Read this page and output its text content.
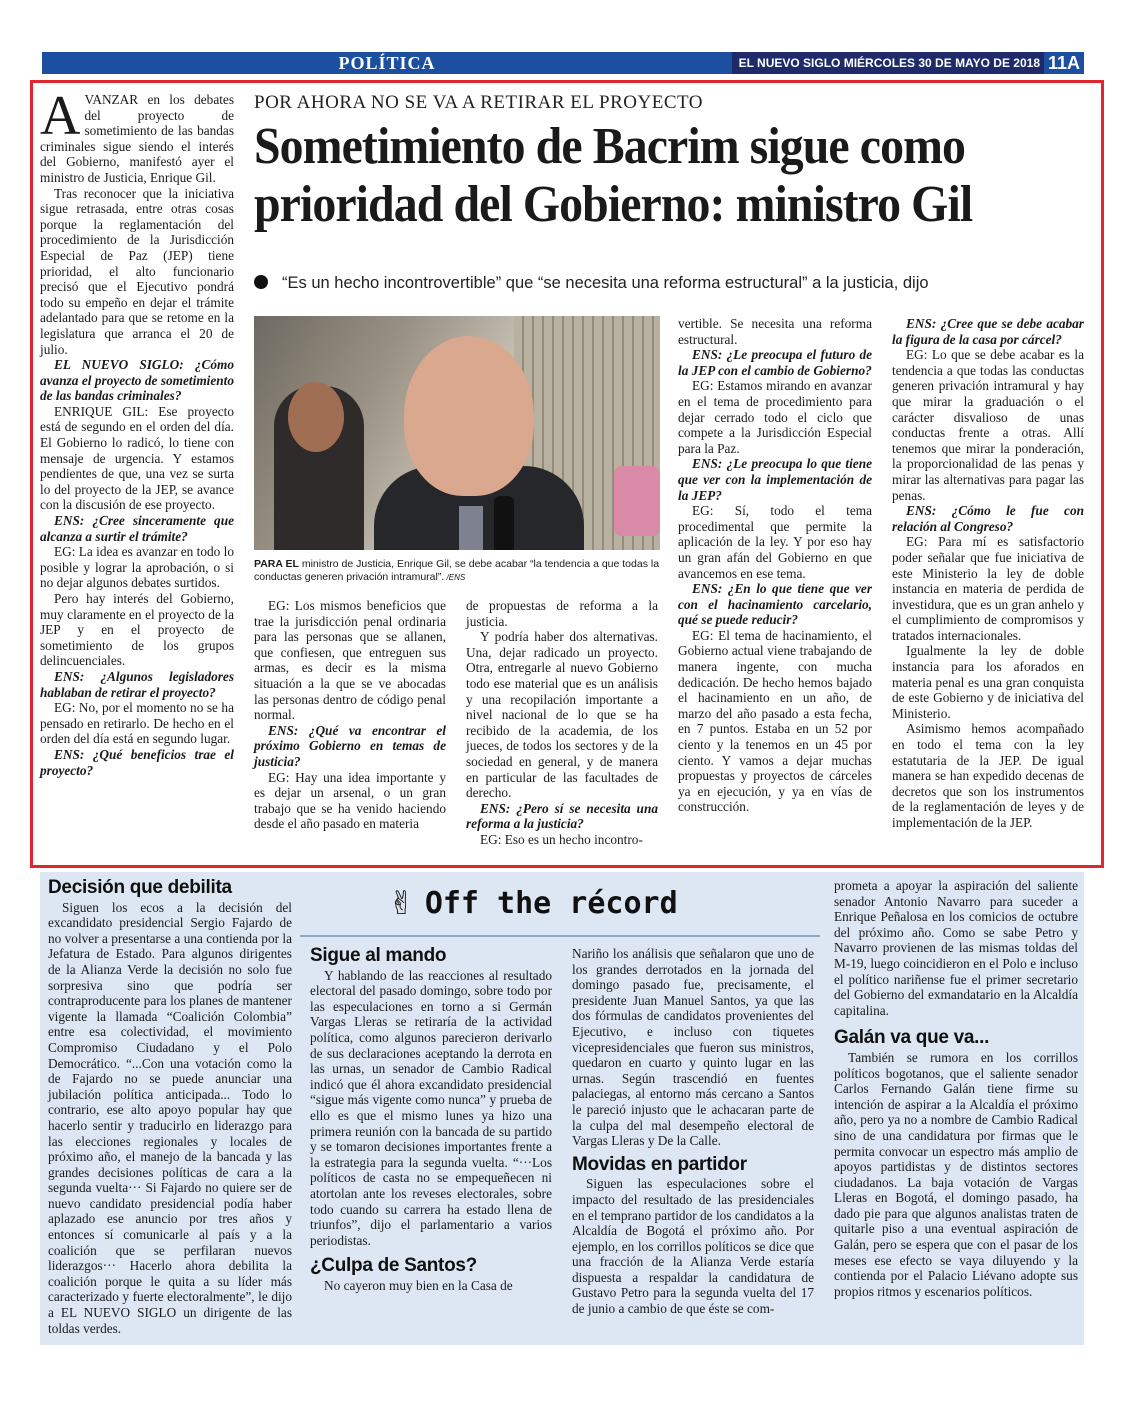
POLÍTICA	EL NUEVO SIGLO MIÉRCOLES 30 DE MAYO DE 2018 11A
POR AHORA NO SE VA A RETIRAR EL PROYECTO
Sometimiento de Bacrim sigue como
prioridad del Gobierno: ministro Gil
“Es un hecho incontrovertible” que “se necesita una reforma estructural” a la justicia, dijo

AVANZAR en los debates del proyecto de sometimiento de las bandas criminales sigue siendo el interés del Gobierno, manifestó ayer el ministro de Justicia, Enrique Gil.

Tras reconocer que la iniciativa sigue retrasada, entre otras cosas porque la reglamentación del procedimiento de la Jurisdicción Especial de Paz (JEP) tiene prioridad, el alto funcionario precisó que el Ejecutivo pondrá todo su empeño en dejar el trámite adelantado para que se retome en la legislatura que arranca el 20 de julio.

EL NUEVO SIGLO: ¿Cómo avanza el proyecto de sometimiento de las bandas criminales?

ENRIQUE GIL: Ese proyecto está de segundo en el orden del día. El Gobierno lo radicó, lo tiene con mensaje de urgencia. Y estamos pendientes de que, una vez se surta lo del proyecto de la JEP, se avance con la discusión de ese proyecto.

ENS: ¿Cree sinceramente que alcanza a surtir el trámite?

EG: La idea es avanzar en todo lo posible y lograr la aprobación, o si no dejar algunos debates surtidos.

Pero hay interés del Gobierno, muy claramente en el proyecto de la JEP y en el proyecto de sometimiento de los grupos delincuenciales.

ENS: ¿Algunos legisladores hablaban de retirar el proyecto?

EG: No, por el momento no se ha pensado en retirarlo. De hecho en el orden del día está en segundo lugar.

ENS: ¿Qué beneficios trae el proyecto?

PARA EL ministro de Justicia, Enrique Gil, se debe acabar “la tendencia a que todas la conductas generen privación intramural”. /ENS

EG: Los mismos beneficios que trae la jurisdicción penal ordinaria para las personas que se allanen, que confiesen, que entreguen sus armas, es decir es la misma situación a la que se ve abocadas las personas dentro de código penal normal.

ENS: ¿Qué va encontrar el próximo Gobierno en temas de justicia?

EG: Hay una idea importante y es dejar un arsenal, o un gran trabajo que se ha venido haciendo desde el año pasado en materia

de propuestas de reforma a la justicia.

Y podría haber dos alternativas. Una, dejar radicado un proyecto. Otra, entregarle al nuevo Gobierno todo ese material que es un análisis y una recopilación importante a nivel nacional de lo que se ha recibido de la academia, de los jueces, de todos los sectores y de la sociedad en general, y de manera en particular de las facultades de derecho.

ENS: ¿Pero sí se necesita una reforma a la justicia?

EG: Eso es un hecho incontro-

vertible. Se necesita una reforma estructural.

ENS: ¿Le preocupa el futuro de la JEP con el cambio de Gobierno?

EG: Estamos mirando en avanzar en el tema de procedimiento para dejar cerrado todo el ciclo que compete a la Jurisdicción Especial para la Paz.

ENS: ¿Le preocupa lo que tiene que ver con la implementación de la JEP?

EG: Sí, todo el tema procedimental que permite la aplicación de la ley. Y por eso hay un gran afán del Gobierno en que avancemos en ese tema.

ENS: ¿En lo que tiene que ver con el hacinamiento carcelario, qué se puede reducir?

EG: El tema de hacinamiento, el Gobierno actual viene trabajando de manera ingente, con mucha dedicación. De hecho hemos bajado el hacinamiento en un año, de marzo del año pasado a esta fecha, en 7 puntos. Estaba en un 52 por ciento y la tenemos en un 45 por ciento. Y vamos a dejar muchas propuestas y proyectos de cárceles ya en ejecución, y ya en vías de construcción.

ENS: ¿Cree que se debe acabar la figura de la casa por cárcel?

EG: Lo que se debe acabar es la tendencia a que todas las conductas generen privación intramural y hay que mirar la graduación o el carácter disvalioso de unas conductas frente a otras. Allí tenemos que mirar la ponderación, la proporcionalidad de las penas y mirar las alternativas para pagar las penas.

ENS: ¿Cómo le fue con relación al Congreso?

EG: Para mí es satisfactorio poder señalar que fue iniciativa de este Ministerio la ley de doble instancia en materia de perdida de investidura, que es un gran anhelo y el cumplimiento de compromisos y tratados internacionales.

Igualmente la ley de doble instancia para los aforados en materia penal es una gran conquista de este Gobierno y de iniciativa del Ministerio.

Asimismo hemos acompañado en todo el tema con la ley estatutaria de la JEP. De igual manera se han expedido decenas de decretos que son los instrumentos de la reglamentación de leyes y de implementación de la JEP.

✌ Off the récord
Decisión que debilita

Siguen los ecos a la decisión del excandidato presidencial Sergio Fajardo de no volver a presentarse a una contienda por la Jefatura de Estado. Para algunos dirigentes de la Alianza Verde la decisión no solo fue sorpresiva sino que podría ser contraproducente para los planes de mantener vigente la llamada “Coalición Colombia” entre esa colectividad, el movimiento Compromiso Ciudadano y el Polo Democrático. “...Con una votación como la de Fajardo no se puede anunciar una jubilación política anticipada... Todo lo contrario, ese alto apoyo popular hay que hacerlo sentir y traducirlo en liderazgo para las elecciones regionales y locales de próximo año, el manejo de la bancada y las grandes decisiones políticas de cara a la segunda vuelta··· Si Fajardo no quiere ser de nuevo candidato presidencial podía haber aplazado ese anuncio por tres años y entonces sí comunicarle al país y a la coalición que se perfilaran nuevos liderazgos··· Hacerlo ahora debilita la coalición porque le quita a su líder más caracterizado y fuerte electoralmente”, le dijo a EL NUEVO SIGLO un dirigente de las toldas verdes.

Sigue al mando

Y hablando de las reacciones al resultado electoral del pasado domingo, sobre todo por las especulaciones en torno a si Germán Vargas Lleras se retiraría de la actividad política, como algunos parecieron derivarlo de sus declaraciones aceptando la derrota en las urnas, un senador de Cambio Radical indicó que él ahora excandidato presidencial “sigue más vigente como nunca” y prueba de ello es que el mismo lunes ya hizo una primera reunión con la bancada de su partido y se tomaron decisiones importantes frente a la estrategia para la segunda vuelta. “···Los políticos de casta no se empequeñecen ni atortolan ante los reveses electorales, sobre todo cuando su carrera ha estado llena de triunfos”, dijo el parlamentario a varios periodistas.

¿Culpa de Santos?

No cayeron muy bien en la Casa de

Nariño los análisis que señalaron que uno de los grandes derrotados en la jornada del domingo pasado fue, precisamente, el presidente Juan Manuel Santos, ya que las dos fórmulas de candidatos provenientes del Ejecutivo, e incluso con tiquetes vicepresidenciales que fueron sus ministros, quedaron en cuarto y quinto lugar en las urnas. Según trascendió en fuentes palaciegas, al entorno más cercano a Santos le pareció injusto que le achacaran parte de la culpa del mal desempeño electoral de Vargas Lleras y De la Calle.

Movidas en partidor

Siguen las especulaciones sobre el impacto del resultado de las presidenciales en el temprano partidor de los candidatos a la Alcaldía de Bogotá el próximo año. Por ejemplo, en los corrillos políticos se dice que una fracción de la Alianza Verde estaría dispuesta a respaldar la candidatura de Gustavo Petro para la segunda vuelta del 17 de junio a cambio de que éste se com-

prometa a apoyar la aspiración del saliente senador Antonio Navarro para suceder a Enrique Peñalosa en los comicios de octubre del próximo año. Como se sabe Petro y Navarro provienen de las mismas toldas del M-19, luego coincidieron en el Polo e incluso el político nariñense fue el primer secretario del Gobierno del exmandatario en la Alcaldía capitalina.

Galán va que va...

También se rumora en los corrillos políticos bogotanos, que el saliente senador Carlos Fernando Galán tiene firme su intención de aspirar a la Alcaldía el próximo año, pero ya no a nombre de Cambio Radical sino de una candidatura por firmas que le permita convocar un espectro más amplio de apoyos partidistas y de distintos sectores ciudadanos. La baja votación de Vargas Lleras en Bogotá, el domingo pasado, ha dado pie para que algunos analistas traten de quitarle piso a una eventual aspiración de Galán, pero se espera que con el pasar de los meses ese efecto se vaya diluyendo y la contienda por el Palacio Liévano adopte sus propios ritmos y escenarios políticos.
